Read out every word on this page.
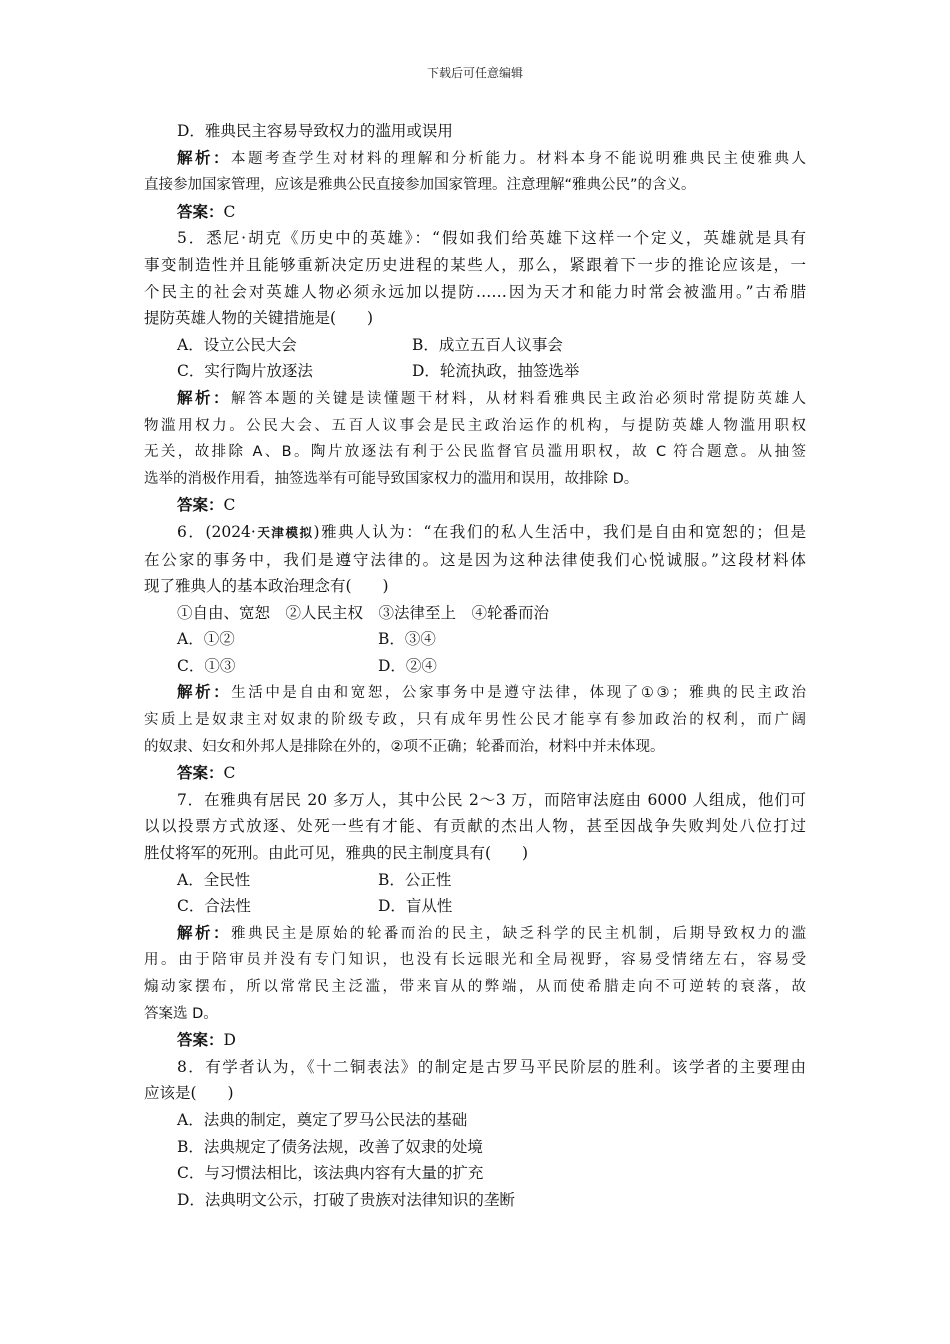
下载后可任意编辑
D．雅典民主容易导致权力的滥用或误用
解析：本题考查学生对材料的理解和分析能力。材料本身不能说明雅典民主使雅典人
直接参加国家管理，应该是雅典公民直接参加国家管理。注意理解“雅典公民”的含义。
答案：C
5．悉尼·胡克《历史中的英雄》：“假如我们给英雄下这样一个定义，英雄就是具有
事变制造性并且能够重新决定历史进程的某些人，那么，紧跟着下一步的推论应该是，一
个民主的社会对英雄人物必须永远加以提防……因为天才和能力时常会被滥用。”古希腊
提防英雄人物的关键措施是(　　)
A．设立公民大会	B．成立五百人议事会
C．实行陶片放逐法	D．轮流执政，抽签选举
解析：解答本题的关键是读懂题干材料，从材料看雅典民主政治必须时常提防英雄人
物滥用权力。公民大会、五百人议事会是民主政治运作的机构，与提防英雄人物滥用职权
无关，故排除 A、B。陶片放逐法有利于公民监督官员滥用职权，故 C 符合题意。从抽签
选举的消极作用看，抽签选举有可能导致国家权力的滥用和误用，故排除 D。
答案：C
6．(2024·天津模拟)雅典人认为：“在我们的私人生活中，我们是自由和宽恕的；但是
在公家的事务中，我们是遵守法律的。这是因为这种法律使我们心悦诚服。”这段材料体
现了雅典人的基本政治理念有(　　)
①自由、宽恕　②人民主权　③法律至上　④轮番而治
A．①②	B．③④
C．①③	D．②④
解析：生活中是自由和宽恕，公家事务中是遵守法律，体现了①③；雅典的民主政治
实质上是奴隶主对奴隶的阶级专政，只有成年男性公民才能享有参加政治的权利，而广阔
的奴隶、妇女和外邦人是排除在外的，②项不正确；轮番而治，材料中并未体现。
答案：C
7．在雅典有居民 20 多万人，其中公民 2～3 万，而陪审法庭由 6000 人组成，他们可
以以投票方式放逐、处死一些有才能、有贡献的杰出人物，甚至因战争失败判处八位打过
胜仗将军的死刑。由此可见，雅典的民主制度具有(　　)
A．全民性	B．公正性
C．合法性	D．盲从性
解析：雅典民主是原始的轮番而治的民主，缺乏科学的民主机制，后期导致权力的滥
用。由于陪审员并没有专门知识，也没有长远眼光和全局视野，容易受情绪左右，容易受
煽动家摆布，所以常常民主泛滥，带来盲从的弊端，从而使希腊走向不可逆转的衰落，故
答案选 D。
答案：D
8．有学者认为，《十二铜表法》的制定是古罗马平民阶层的胜利。该学者的主要理由
应该是(　　)
A．法典的制定，奠定了罗马公民法的基础
B．法典规定了债务法规，改善了奴隶的处境
C．与习惯法相比，该法典内容有大量的扩充
D．法典明文公示，打破了贵族对法律知识的垄断
